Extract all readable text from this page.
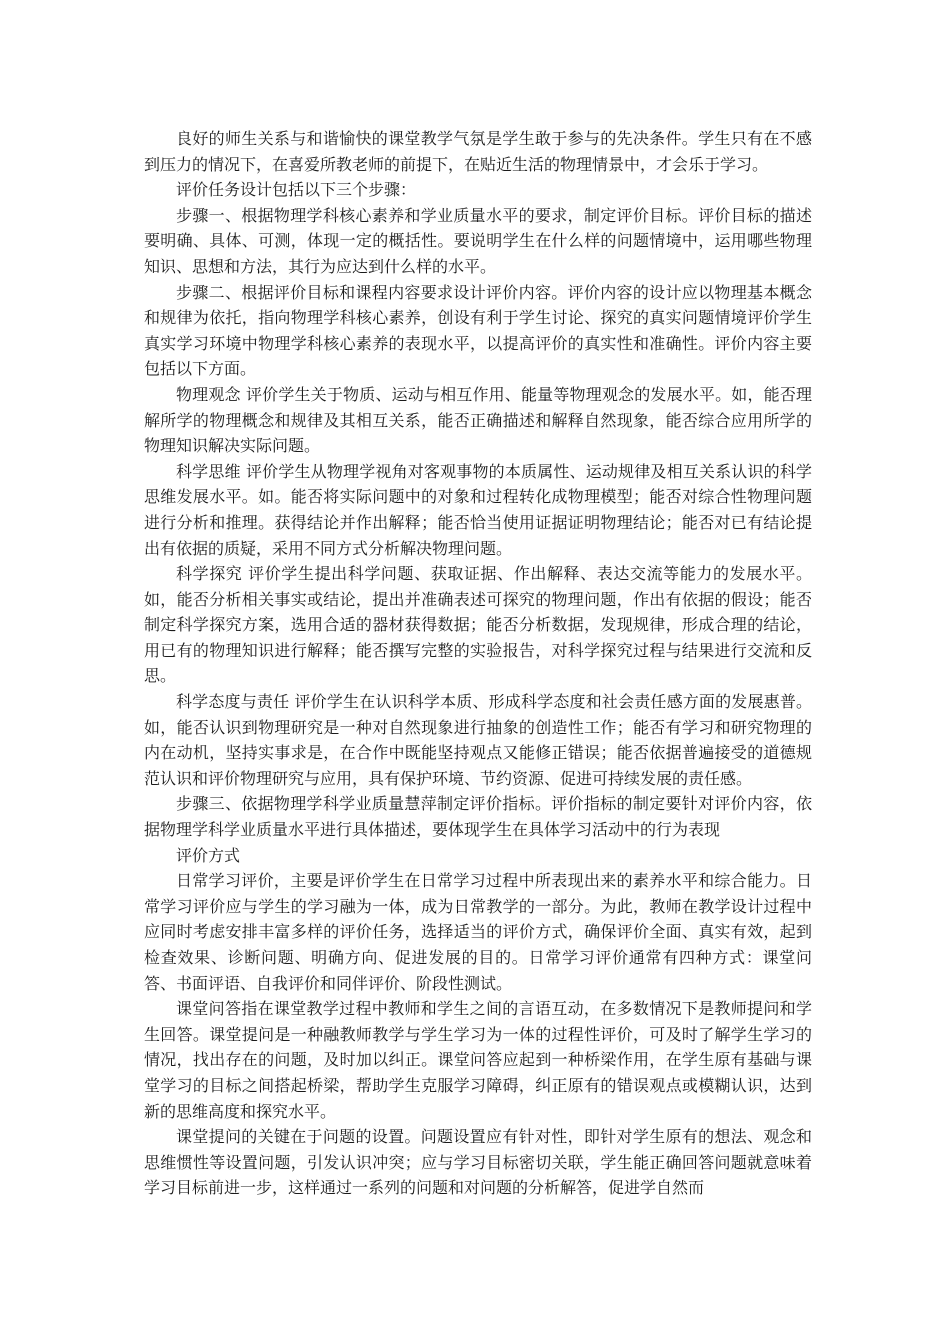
良好的师生关系与和谐愉快的课堂教学气氛是学生敢于参与的先决条件。学生只有在不感到压力的情况下，在喜爱所教老师的前提下，在贴近生活的物理情景中，才会乐于学习。

评价任务设计包括以下三个步骤：

步骤一、根据物理学科核心素养和学业质量水平的要求，制定评价目标。评价目标的描述要明确、具体、可测，体现一定的概括性。要说明学生在什么样的问题情境中，运用哪些物理知识、思想和方法，其行为应达到什么样的水平。

步骤二、根据评价目标和课程内容要求设计评价内容。评价内容的设计应以物理基本概念和规律为依托，指向物理学科核心素养，创设有利于学生讨论、探究的真实问题情境评价学生真实学习环境中物理学科核心素养的表现水平，以提高评价的真实性和准确性。评价内容主要包括以下方面。

物理观念 评价学生关于物质、运动与相互作用、能量等物理观念的发展水平。如，能否理解所学的物理概念和规律及其相互关系，能否正确描述和解释自然现象，能否综合应用所学的物理知识解决实际问题。

科学思维 评价学生从物理学视角对客观事物的本质属性、运动规律及相互关系认识的科学思维发展水平。如。能否将实际问题中的对象和过程转化成物理模型；能否对综合性物理问题进行分析和推理。获得结论并作出解释；能否恰当使用证据证明物理结论；能否对已有结论提出有依据的质疑，采用不同方式分析解决物理问题。

科学探究 评价学生提出科学问题、获取证据、作出解释、表达交流等能力的发展水平。如，能否分析相关事实或结论，提出并准确表述可探究的物理问题，作出有依据的假设；能否制定科学探究方案，选用合适的器材获得数据；能否分析数据，发现规律，形成合理的结论，用已有的物理知识进行解释；能否撰写完整的实验报告，对科学探究过程与结果进行交流和反思。

科学态度与责任 评价学生在认识科学本质、形成科学态度和社会责任感方面的发展惠普。如，能否认识到物理研究是一种对自然现象进行抽象的创造性工作；能否有学习和研究物理的内在动机，坚持实事求是，在合作中既能坚持观点又能修正错误；能否依据普遍接受的道德规范认识和评价物理研究与应用，具有保护环境、节约资源、促进可持续发展的责任感。

步骤三、依据物理学科学业质量慧萍制定评价指标。评价指标的制定要针对评价内容，依据物理学科学业质量水平进行具体描述，要体现学生在具体学习活动中的行为表现

评价方式

日常学习评价，主要是评价学生在日常学习过程中所表现出来的素养水平和综合能力。日常学习评价应与学生的学习融为一体，成为日常教学的一部分。为此，教师在教学设计过程中应同时考虑安排丰富多样的评价任务，选择适当的评价方式，确保评价全面、真实有效，起到检查效果、诊断问题、明确方向、促进发展的目的。日常学习评价通常有四种方式：课堂问答、书面评语、自我评价和同伴评价、阶段性测试。

课堂问答指在课堂教学过程中教师和学生之间的言语互动，在多数情况下是教师提问和学生回答。课堂提问是一种融教师教学与学生学习为一体的过程性评价，可及时了解学生学习的情况，找出存在的问题，及时加以纠正。课堂问答应起到一种桥梁作用，在学生原有基础与课堂学习的目标之间搭起桥梁，帮助学生克服学习障碍，纠正原有的错误观点或模糊认识，达到新的思维高度和探究水平。

课堂提问的关键在于问题的设置。问题设置应有针对性，即针对学生原有的想法、观念和思维惯性等设置问题，引发认识冲突；应与学习目标密切关联，学生能正确回答问题就意味着学习目标前进一步，这样通过一系列的问题和对问题的分析解答，促进学自然而
